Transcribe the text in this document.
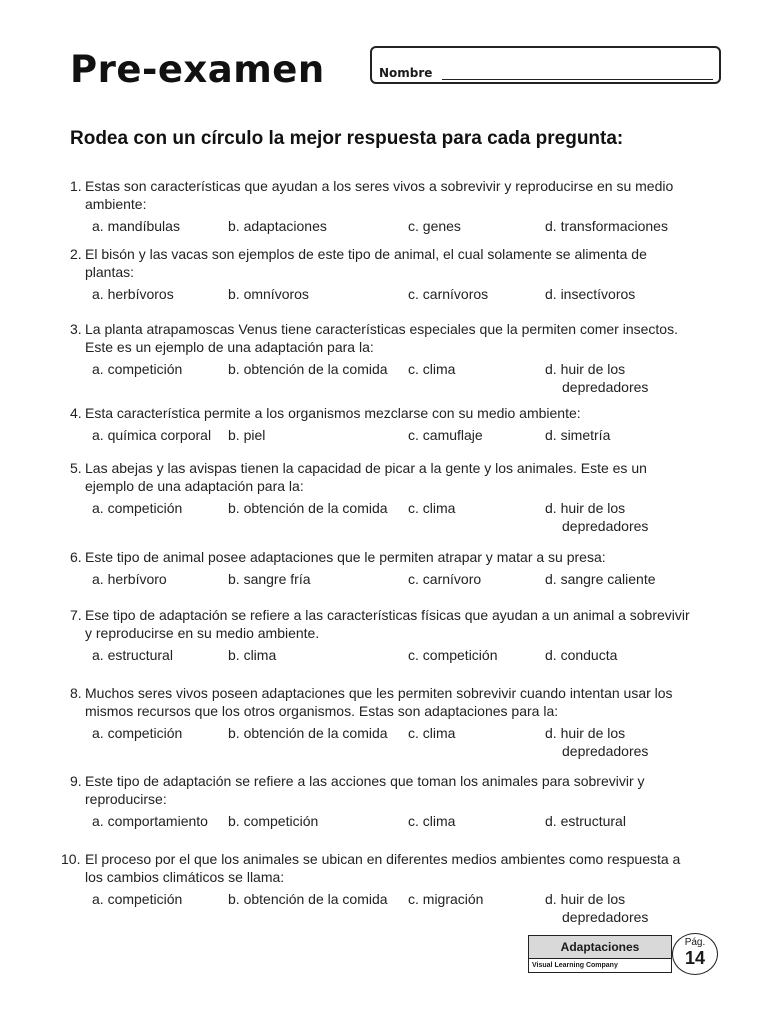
Pre-examen	Nombre
Rodea con un círculo la mejor respuesta para cada pregunta:
1. Estas son características que ayudan a los seres vivos a sobrevivir y reproducirse en su medio ambiente:
a. mandíbulas	b. adaptaciones	c. genes	d. transformaciones
2. El bisón y las vacas son ejemplos de este tipo de animal, el cual solamente se alimenta de plantas:
a. herbívoros	b. omnívoros	c. carnívoros	d. insectívoros
3. La planta atrapamoscas Venus tiene características especiales que la permiten comer insectos. Este es un ejemplo de una adaptación para la:
a. competición	b. obtención de la comida c. clima	d. huir de los
depredadores
4. Esta característica permite a los organismos mezclarse con su medio ambiente:
a. química corporal b. piel	c. camuflaje	d. simetría
5. Las abejas y las avispas tienen la capacidad de picar a la gente y los animales. Este es un ejemplo de una adaptación para la:
a. competición	b. obtención de la comida c. clima	d. huir de los
depredadores
6. Este tipo de animal posee adaptaciones que le permiten atrapar y matar a su presa:
a. herbívoro	b. sangre fría	c. carnívoro	d. sangre caliente
7. Ese tipo de adaptación se refiere a las características físicas que ayudan a un animal a sobrevivir y reproducirse en su medio ambiente.
a. estructural	b. clima	c. competición	d. conducta
8. Muchos seres vivos poseen adaptaciones que les permiten sobrevivir cuando intentan usar los mismos recursos que los otros organismos. Estas son adaptaciones para la:
a. competición	b. obtención de la comida c. clima	d. huir de los
depredadores
9. Este tipo de adaptación se refiere a las acciones que toman los animales para sobrevivir y reproducirse:
a. comportamiento b. competición	c. clima	d. estructural
10. El proceso por el que los animales se ubican en diferentes medios ambientes como respuesta a los cambios climáticos se llama:
a. competición	b. obtención de la comida c. migración	d. huir de los
depredadores
Adaptaciones
Visual Learning Company
Pág.
14
